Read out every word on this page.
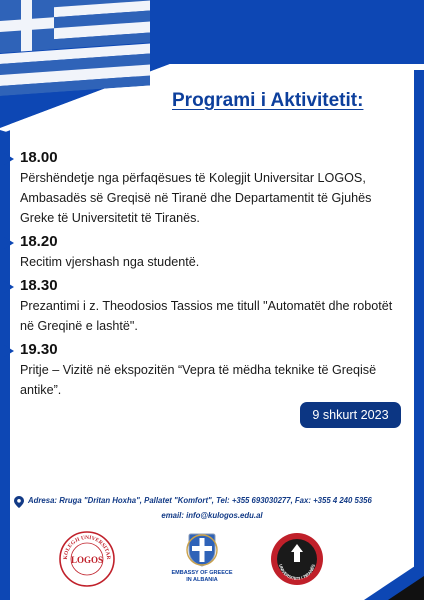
Programi i Aktivitetit:
18.00
Përshëndetje nga përfaqësues të Kolegjit Universitar LOGOS, Ambasadës së Greqisë në Tiranë dhe Departamentit të Gjuhës Greke të Universitetit të Tiranës.
18.20
Recitim vjershash nga studentë.
18.30
Prezantimi i z. Theodosios Tassios me titull "Automatët dhe robotët në Greqinë e lashtë".
19.30
Pritje – Vizitë në ekspozitën “Vepra të mëdha teknike të Greqisë antike”.
9 shkurt 2023
Adresa: Rruga "Dritan Hoxha", Pallatet "Komfort", Tel: +355 693030277, Fax: +355 4 240 5356
email: info@kulogos.edu.al
KOLEGJI UNIVERSITAR
LOGOS
EMBASSY OF GREECE
IN ALBANIA
UNIVERSITETI I TIRANËS
